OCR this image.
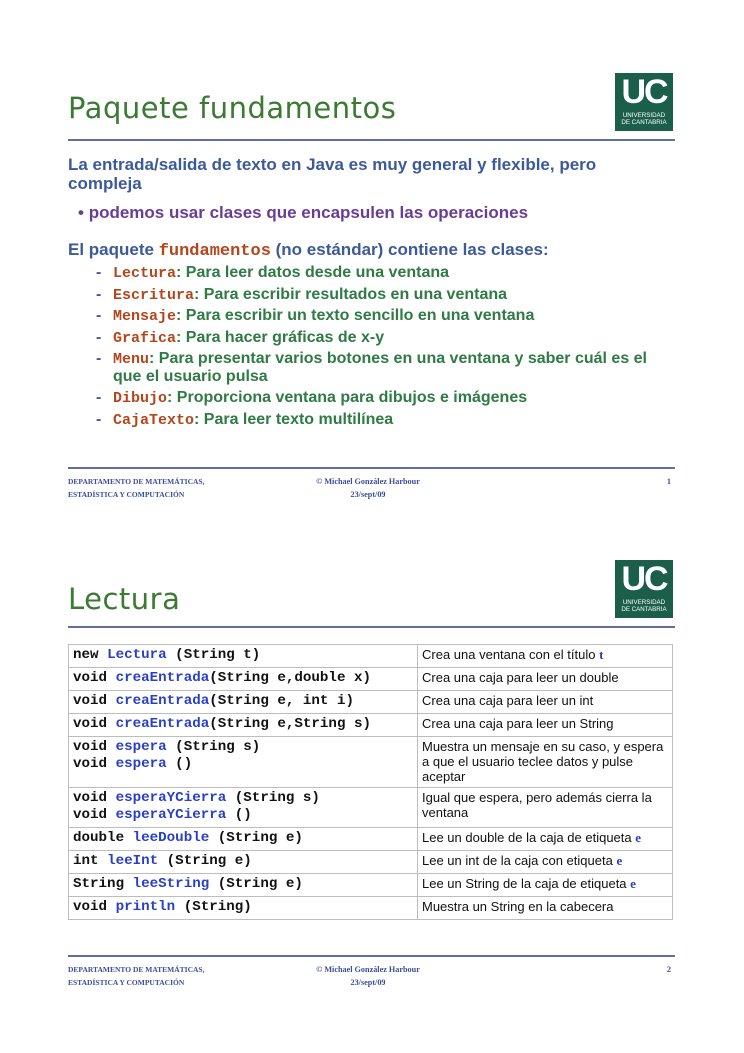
Paquete fundamentos	UC
UNIVERSIDAD
DE CANTABRIA
La entrada/salida de texto en Java es muy general y flexible, pero
compleja
• podemos usar clases que encapsulen las operaciones
El paquete fundamentos (no estándar) contiene las clases:
- Lectura: Para leer datos desde una ventana
- Escritura: Para escribir resultados en una ventana
- Mensaje: Para escribir un texto sencillo en una ventana
- Grafica: Para hacer gráficas de x-y
- Menu: Para presentar varios botones en una ventana y saber cuál es el que el usuario pulsa
- Dibujo: Proporciona ventana para dibujos e imágenes
- CajaTexto: Para leer texto multilínea
DEPARTAMENTO DE MATEMÁTICAS,
ESTADÍSTICA Y COMPUTACIÓN
© Michael González Harbour
23/sept/09
1
Lectura
UC
UNIVERSIDAD
DE CANTABRIA
new Lectura (String t)	Crea una ventana con el título t

void creaEntrada(String e,double x)	Crea una caja para leer un double

void creaEntrada(String e, int i)	Crea una caja para leer un int

void creaEntrada(String e,String s)	Crea una caja para leer un String

void espera (String s)
void espera ()	Muestra un mensaje en su caso, y espera a que el usuario teclee datos y pulse aceptar

void esperaYCierra (String s)
void esperaYCierra ()	Igual que espera, pero además cierra la ventana

double leeDouble (String e)	Lee un double de la caja de etiqueta e

int leeInt (String e)	Lee un int de la caja con etiqueta e

String leeString (String e)	Lee un String de la caja de etiqueta e

void println (String)	Muestra un String en la cabecera
DEPARTAMENTO DE MATEMÁTICAS,
ESTADÍSTICA Y COMPUTACIÓN
© Michael González Harbour
23/sept/09
2
